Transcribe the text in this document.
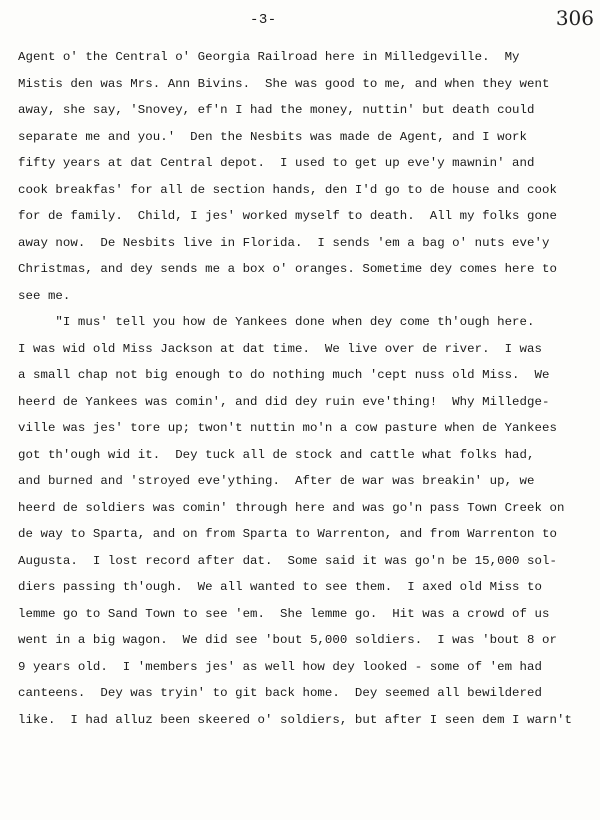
-3-	306
Agent o' the Central o' Georgia Railroad here in Milledgeville.  My
Mistis den was Mrs. Ann Bivins.  She was good to me, and when they went
away, she say, 'Snovey, ef'n I had the money, nuttin' but death could
separate me and you.'  Den the Nesbits was made de Agent, and I work
fifty years at dat Central depot.  I used to get up eve'y mawnin' and
cook breakfas' for all de section hands, den I'd go to de house and cook
for de family.  Child, I jes' worked myself to death.  All my folks gone
away now.  De Nesbits live in Florida.  I sends 'em a bag o' nuts eve'y
Christmas, and dey sends me a box o' oranges. Sometime dey comes here to
see me.
"I mus' tell you how de Yankees done when dey come th'ough here.
I was wid old Miss Jackson at dat time.  We live over de river.  I was
a small chap not big enough to do nothing much 'cept nuss old Miss.  We
heerd de Yankees was comin', and did dey ruin eve'thing!  Why Milledge-
ville was jes' tore up; twon't nuttin mo'n a cow pasture when de Yankees
got th'ough wid it.  Dey tuck all de stock and cattle what folks had,
and burned and 'stroyed eve'ything.  After de war was breakin' up, we
heerd de soldiers was comin' through here and was go'n pass Town Creek on
de way to Sparta, and on from Sparta to Warrenton, and from Warrenton to
Augusta.  I lost record after dat.  Some said it was go'n be 15,000 sol-
diers passing th'ough.  We all wanted to see them.  I axed old Miss to
lemme go to Sand Town to see 'em.  She lemme go.  Hit was a crowd of us
went in a big wagon.  We did see 'bout 5,000 soldiers.  I was 'bout 8 or
9 years old.  I 'members jes' as well how dey looked - some of 'em had
canteens.  Dey was tryin' to git back home.  Dey seemed all bewildered
like.  I had alluz been skeered o' soldiers, but after I seen dem I warn't
